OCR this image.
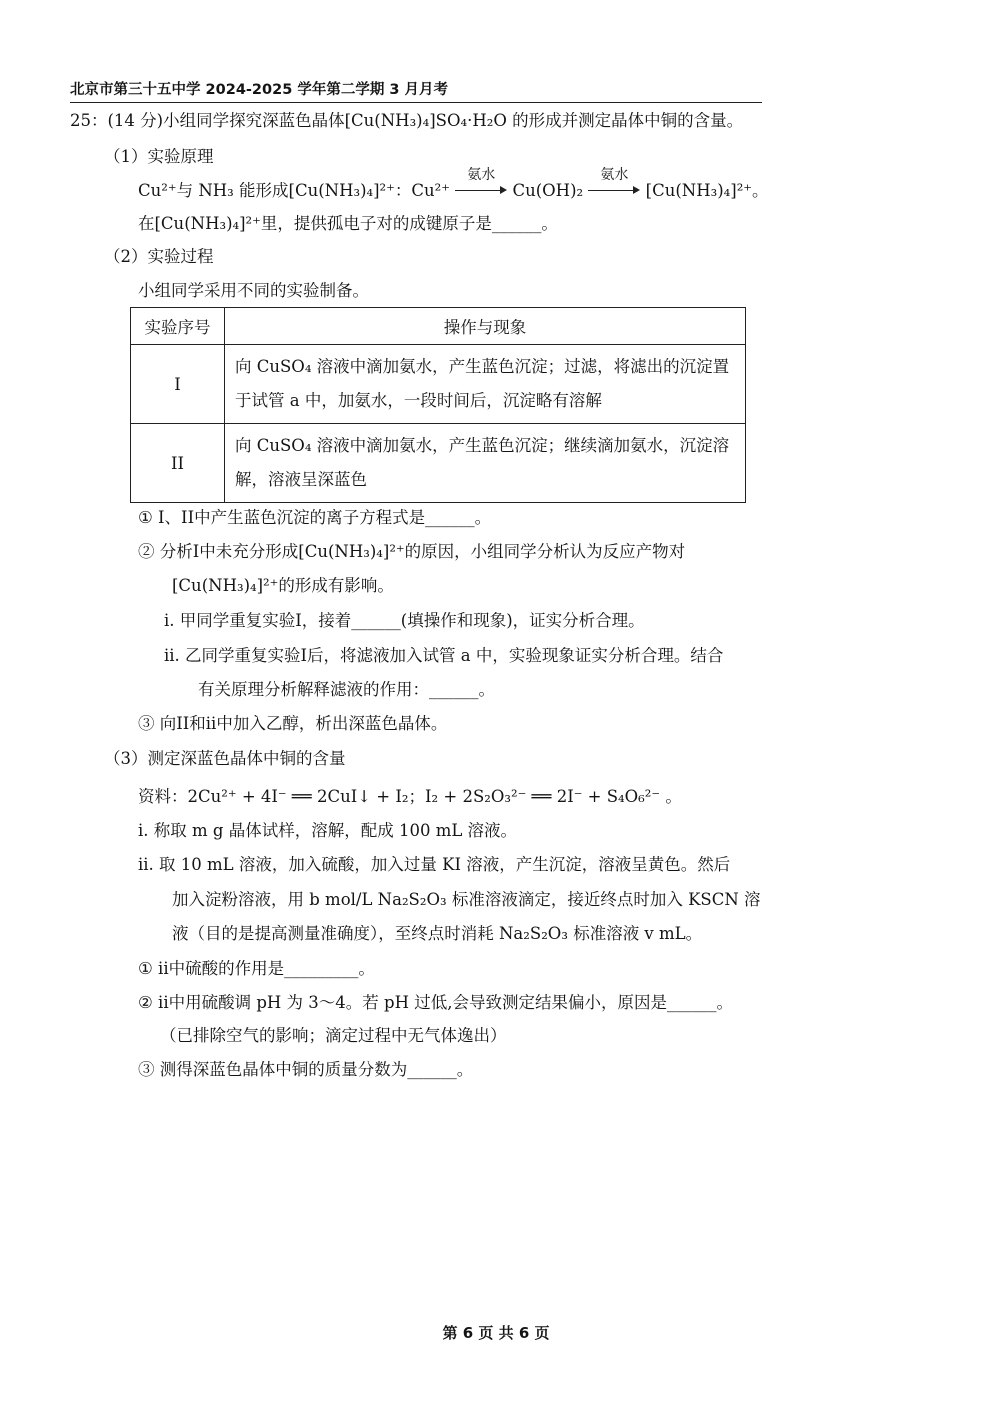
北京市第三十五中学 2024-2025 学年第二学期 3 月月考
25：(14 分)小组同学探究深蓝色晶体[Cu(NH₃)₄]SO₄·H₂O 的形成并测定晶体中铜的含量。
（1）实验原理
Cu²⁺与 NH₃ 能形成[Cu(NH₃)₄]²⁺：Cu²⁺
氨水
Cu(OH)₂
氨水
[Cu(NH₃)₄]²⁺。
在[Cu(NH₃)₄]²⁺里，提供孤电子对的成键原子是______。
（2）实验过程
小组同学采用不同的实验制备。
实验序号	操作与现象
I	向 CuSO₄ 溶液中滴加氨水，产生蓝色沉淀；过滤，将滤出的沉淀置于试管 a 中，加氨水，一段时间后，沉淀略有溶解
II	向 CuSO₄ 溶液中滴加氨水，产生蓝色沉淀；继续滴加氨水，沉淀溶解，溶液呈深蓝色
① I、II中产生蓝色沉淀的离子方程式是______。
② 分析I中未充分形成[Cu(NH₃)₄]²⁺的原因，小组同学分析认为反应产物对
[Cu(NH₃)₄]²⁺的形成有影响。
i. 甲同学重复实验I，接着______(填操作和现象)，证实分析合理。
ii. 乙同学重复实验I后，将滤液加入试管 a 中，实验现象证实分析合理。结合
有关原理分析解释滤液的作用：______。
③ 向II和ii中加入乙醇，析出深蓝色晶体。
（3）测定深蓝色晶体中铜的含量
资料：2Cu²⁺ + 4I⁻ ══ 2CuI↓ + I₂；I₂ + 2S₂O₃²⁻ ══ 2I⁻ + S₄O₆²⁻ 。
i. 称取 m g 晶体试样，溶解，配成 100 mL 溶液。
ii. 取 10 mL 溶液，加入硫酸，加入过量 KI 溶液，产生沉淀，溶液呈黄色。然后
加入淀粉溶液，用 b mol/L Na₂S₂O₃ 标准溶液滴定，接近终点时加入 KSCN 溶
液（目的是提高测量准确度），至终点时消耗 Na₂S₂O₃ 标准溶液 v mL。
① ii中硫酸的作用是_________。
② ii中用硫酸调 pH 为 3～4。若 pH 过低,会导致测定结果偏小，原因是______。
（已排除空气的影响；滴定过程中无气体逸出）
③ 测得深蓝色晶体中铜的质量分数为______。
第 6 页 共 6 页
